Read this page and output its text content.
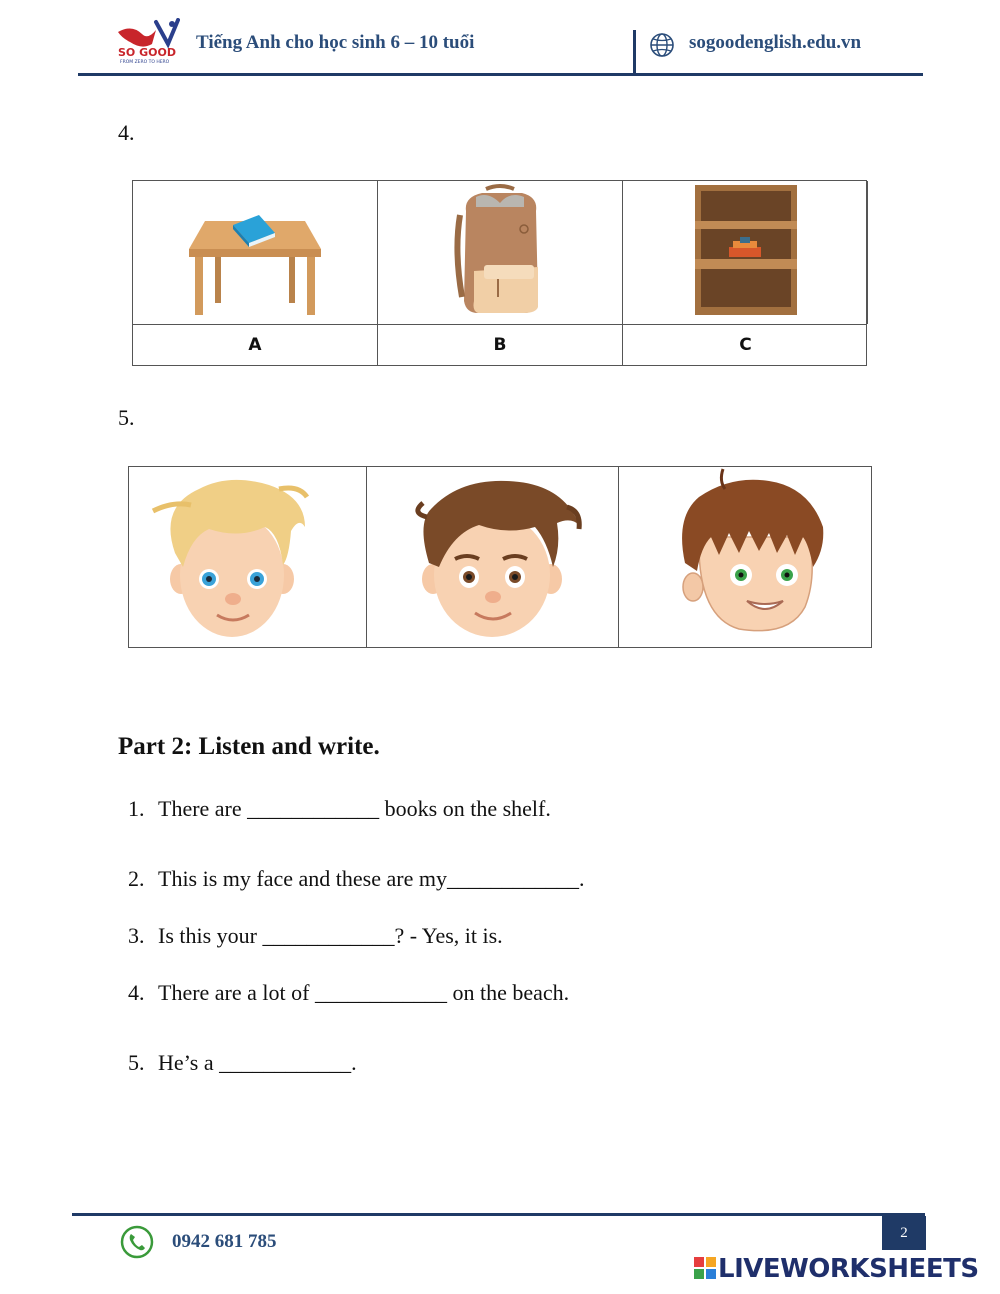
SO GOOD
FROM ZERO TO HERO
Tiếng Anh cho học sinh 6 – 10 tuổi	sogoodenglish.edu.vn
4.
A	B	C
5.
Part 2: Listen and write.
1. There are ____________ books on the shelf.
2. This is my face and these are my____________.
3. Is this your ____________? - Yes, it is.
4. There are a lot of ____________ on the beach.
5. He’s a ____________.
0942 681 785	2
LIVEWORKSHEETS
